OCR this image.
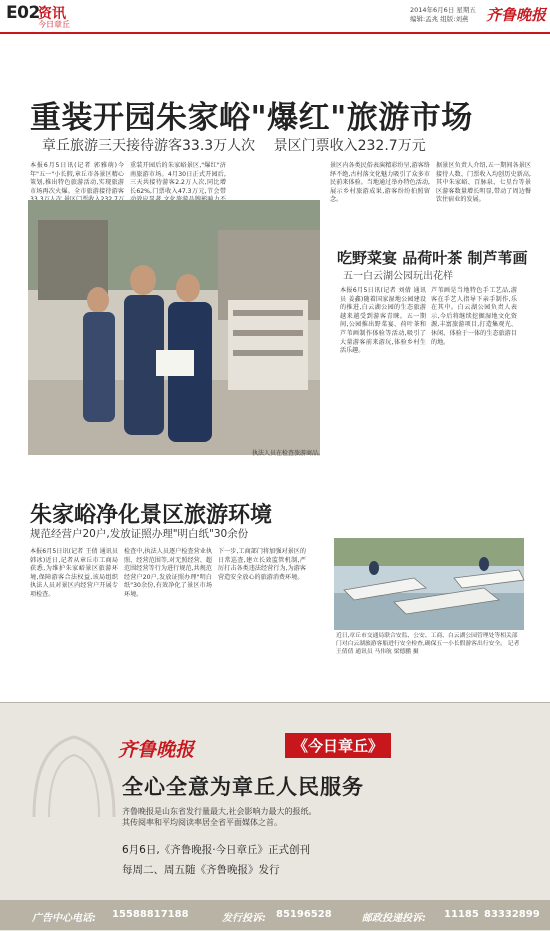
E02
资讯
今日章丘
2014年6月6日 星期五
编辑:孟兆 组版:刘燕	齐鲁晚报
重装开园朱家峪"爆红"旅游市场
章丘旅游三天接待游客33.3万人次 景区门票收入232.7万元
本报6月5日讯(记者 郭雅萌)今年"五一"小长假,章丘市各景区精心策划,推出特色旅游活动,实现旅游市场再次火爆。全市旅游接待游客
重装开园后的朱家峪景区,"爆红"济南旅游市场。4月30日正式开园后,三天共接待游客2.2万人次,同比增长62%,门票收入47.3万元,节会带
景区内各类民俗表演精彩纷呈,游客络绎不绝,古村落文化魅力吸引了众多市民前来体验。当地通过举办特色活动,展示乡村旅游成果,游客纷纷拍照留念。
据景区负责人介绍,五一期间各景区接待人数、门票收入均创历史新高,其中朱家峪、百脉泉、七星台等景区游客数量增长明显,带动了周边餐饮住宿业的发展。
执法人员在检查旅游商品。
吃野菜宴 品荷叶茶 制芦苇画
五一白云湖公园玩出花样
本报6月5日讯(记者 刘倩 通讯员 姜鑫)随着国家湿地公园建设的推进,白云湖公园的生态旅游越来越受到游客青睐。五一期间,公园推出野菜宴、荷叶茶和芦苇画制作体验等活动,吸引了大量游客前来游玩,体验乡村生活乐趣。
芦苇画是当地特色手工艺品,游客在手艺人指导下亲手制作,乐在其中。白云湖公园负责人表示,今后将继续挖掘湿地文化资源,丰富旅游项目,打造集观光、休闲、体验于一体的生态旅游目的地。
近日,章丘市交通局联合安监、公安、工商、白云湖公园管理处等相关部门对白云湖旅游客船进行安全检查,确保五一小长假游客出行安全。 记者 王倩倩 通讯员 马伟航 梁德鹏 摄
朱家峪净化景区旅游环境
规范经营户20户,发放证照办理"明白纸"30余份
本报6月5日讯(记者 王倩 通讯员 韩冰)近日,记者从章丘市工商局获悉,为维护朱家峪景区旅游环境,保障游客合法权益,该局组织执法人员对景区内经营户开展专项检查。
检查中,执法人员逐户检查营业执照、经营范围等,对无照经营、超范围经营等行为进行规范,共规范经营户20户,发放证照办理"明白纸"30余份,有效净化了景区市场环境。
下一步,工商部门将加强对景区的日常巡查,建立长效监管机制,严厉打击各类违法经营行为,为游客营造安全放心的旅游消费环境。
齐鲁晚报	《今日章丘》
全心全意为章丘人民服务
齐鲁晚报是山东省发行量最大,社会影响力最大的报纸。
其传阅率和平均阅读率居全省平面媒体之首。
6月6日,《齐鲁晚报·今日章丘》正式创刊
每周二、周五随《齐鲁晚报》发行
广告中心电话: 15588817188	发行投诉: 85196528	邮政投递投诉: 11185 83332899
